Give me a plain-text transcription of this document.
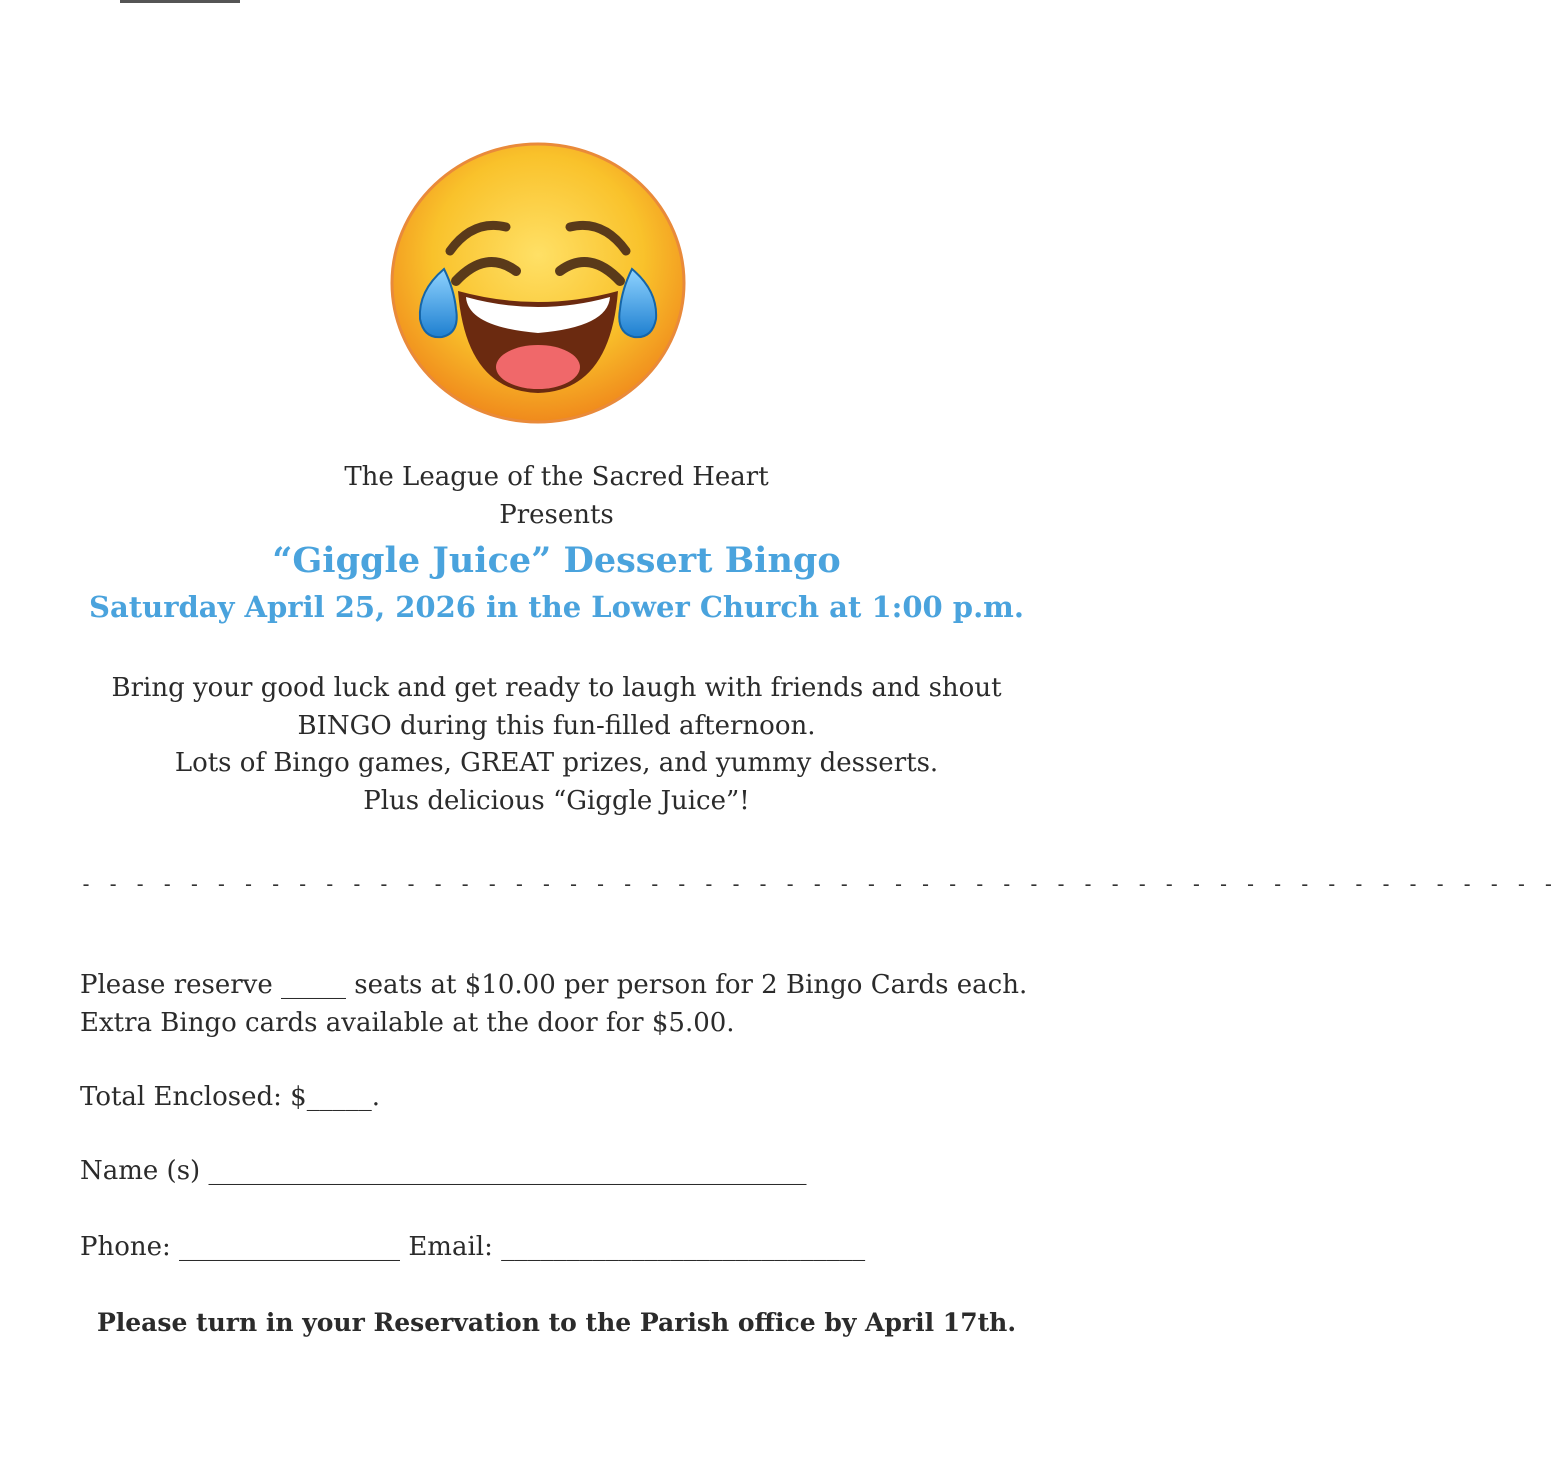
The League of the Sacred Heart
Presents
“Giggle Juice” Dessert Bingo
Saturday April 25, 2026 in the Lower Church at 1:00 p.m.
Bring your good luck and get ready to laugh with friends and shout
BINGO during this fun-filled afternoon.
Lots of Bingo games, GREAT prizes, and yummy desserts.
Plus delicious “Giggle Juice”!
- - - - - - - - - - - - - - - - - - - - - - - - - - - - - - - - - - - - - - - - - - - - - - - - - - - - - - -
Please reserve _____ seats at $10.00 per person for 2 Bingo Cards each.
Extra Bingo cards available at the door for $5.00.
Total Enclosed: $_____.
Name (s) ______________________________________________
Phone: _________________ Email: ____________________________
Please turn in your Reservation to the Parish office by April 17th.
